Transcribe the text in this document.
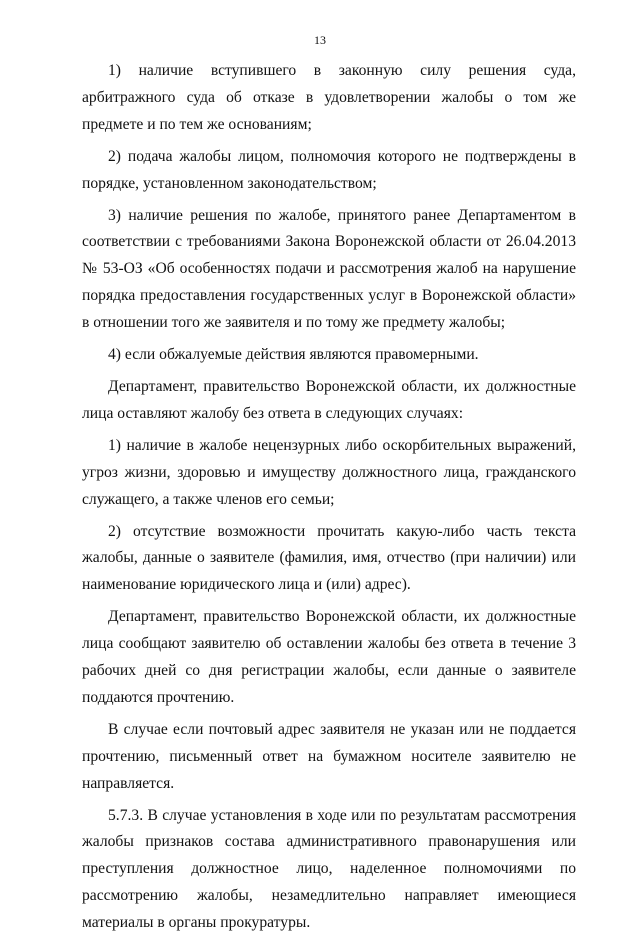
13

1) наличие вступившего в законную силу решения суда, арбитражного суда об отказе в удовлетворении жалобы о том же предмете и по тем же основаниям;

2) подача жалобы лицом, полномочия которого не подтверждены в порядке, установленном законодательством;

3) наличие решения по жалобе, принятого ранее Департаментом в соответствии с требованиями Закона Воронежской области от 26.04.2013 № 53-ОЗ «Об особенностях подачи и рассмотрения жалоб на нарушение порядка предоставления государственных услуг в Воронежской области» в отношении того же заявителя и по тому же предмету жалобы;

4) если обжалуемые действия являются правомерными.

Департамент, правительство Воронежской области, их должностные лица оставляют жалобу без ответа в следующих случаях:

1) наличие в жалобе нецензурных либо оскорбительных выражений, угроз жизни, здоровью и имуществу должностного лица, гражданского служащего, а также членов его семьи;

2) отсутствие возможности прочитать какую-либо часть текста жалобы, данные о заявителе (фамилия, имя, отчество (при наличии) или наименование юридического лица и (или) адрес).

Департамент, правительство Воронежской области, их должностные лица сообщают заявителю об оставлении жалобы без ответа в течение 3 рабочих дней со дня регистрации жалобы, если данные о заявителе поддаются прочтению.

В случае если почтовый адрес заявителя не указан или не поддается прочтению, письменный ответ на бумажном носителе заявителю не направляется.

5.7.3. В случае установления в ходе или по результатам рассмотрения жалобы признаков состава административного правонарушения или преступления должностное лицо, наделенное полномочиями по рассмотрению жалобы, незамедлительно направляет имеющиеся материалы в органы прокуратуры.
